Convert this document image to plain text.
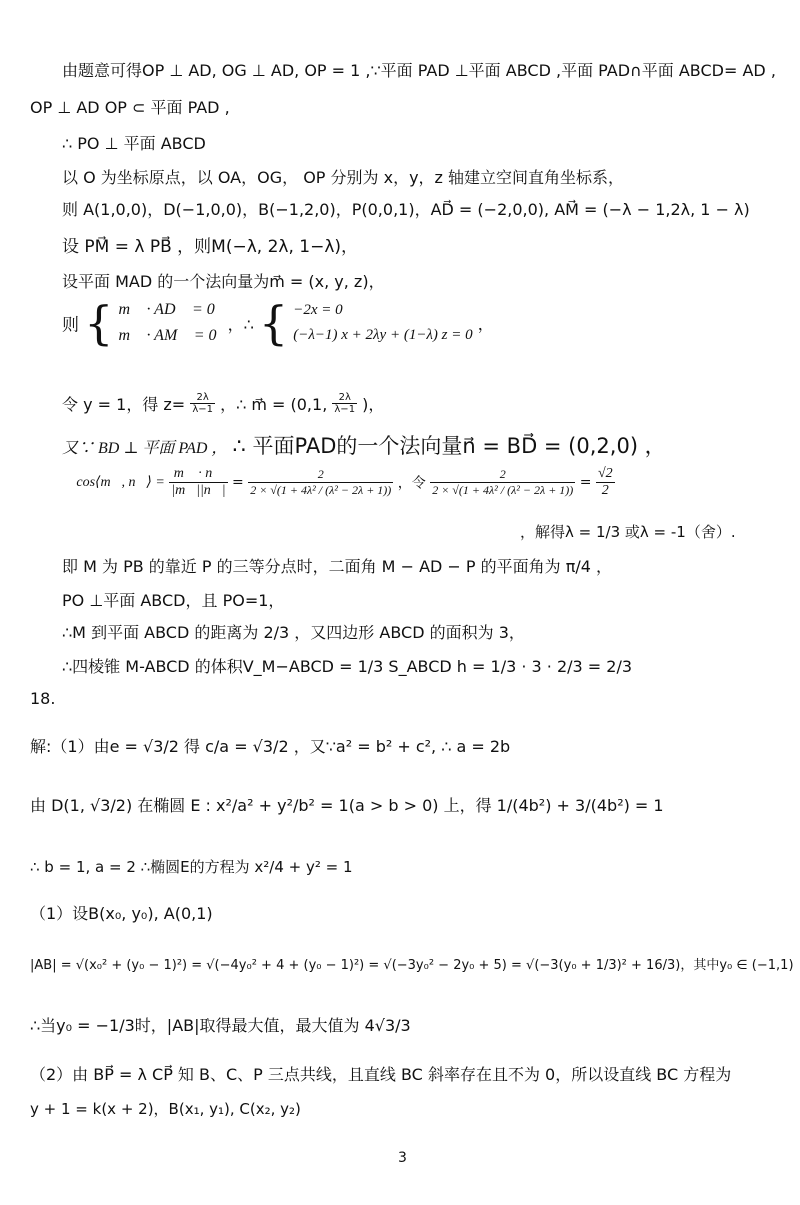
由题意可得OP ⊥ AD, OG ⊥ AD, OP = 1 ,∵平面 PAD ⊥平面 ABCD ,平面 PAD∩平面 ABCD= AD ,
OP ⊥ AD OP ⊂ 平面 PAD ,
∴ PO ⊥ 平面 ABCD
以 O 为坐标原点，以 OA，OG， OP 分别为 x，y，z 轴建立空间直角坐标系，
则 A(1,0,0)，D(−1,0,0)，B(−1,2,0)，P(0,0,1)，AD⃗ = (−2,0,0), AM⃗ = (−λ − 1,2λ, 1 − λ)
设 PM⃗ = λ PB⃗ ，则M(−λ, 2λ, 1−λ)，
设平面 MAD 的一个法向量为m⃗ = (x, y, z)，
则 { m⃗ · AD⃗ = 0
m⃗ · AM⃗ = 0
，∴ { −2x = 0
(−λ−1) x + 2λy + (1−λ) z = 0
，
令 y = 1，得 $z= \frac{2\lambda}{\lambda-1}$ ，∴ m⃗ = (0,1, $\frac{2\lambda}{\lambda-1}$ )，
又∵ BD ⊥ 平面 PAD ， ∴ 平面PAD的一个法向量n⃗ = BD⃗ = (0,2,0) ，
∴ cos⟨m⃗, n⃗⟩ = $\frac{m⃗ \cdot n⃗}{|m⃗||n⃗|} = \frac{2}{\text{2 × √(1 + 4λ² / (λ² − 2λ + 1))}}$ ，令 $\frac{2}{\text{2 × √(1 + 4λ² / (λ² − 2λ + 1))}} = \frac{√2}{2}$
，解得λ = 1/3 或λ = -1（舍）.
即 M 为 PB 的靠近 P 的三等分点时，二面角 M − AD − P 的平面角为 π/4 ，
PO ⊥平面 ABCD，且 PO=1，
∴M 到平面 ABCD 的距离为 2/3 ，又四边形 ABCD 的面积为 3，
∴四棱锥 M-ABCD 的体积V_M−ABCD = 1/3 S_ABCD h = 1/3 · 3 · 2/3 = 2/3
18.
解:（1）由e = √3/2 得 c/a = √3/2 ，又∵a² = b² + c², ∴ a = 2b
由 D(1, √3/2) 在椭圆 E : x²/a² + y²/b² = 1(a > b > 0) 上，得 1/(4b²) + 3/(4b²) = 1
∴ b = 1, a = 2 ∴椭圆E的方程为 x²/4 + y² = 1
（1）设B(x₀, y₀), A(0,1)
|AB| = √(x₀² + (y₀ − 1)²) = √(−4y₀² + 4 + (y₀ − 1)²) = √(−3y₀² − 2y₀ + 5) = √(−3(y₀ + 1/3)² + 16/3)，其中y₀ ∈ (−1,1)
∴当y₀ = −1/3时，|AB|取得最大值，最大值为 4√3/3
（2）由 BP⃗ = λ CP⃗ 知 B、C、P 三点共线，且直线 BC 斜率存在且不为 0，所以设直线 BC 方程为
y + 1 = k(x + 2)，B(x₁, y₁), C(x₂, y₂)
3
